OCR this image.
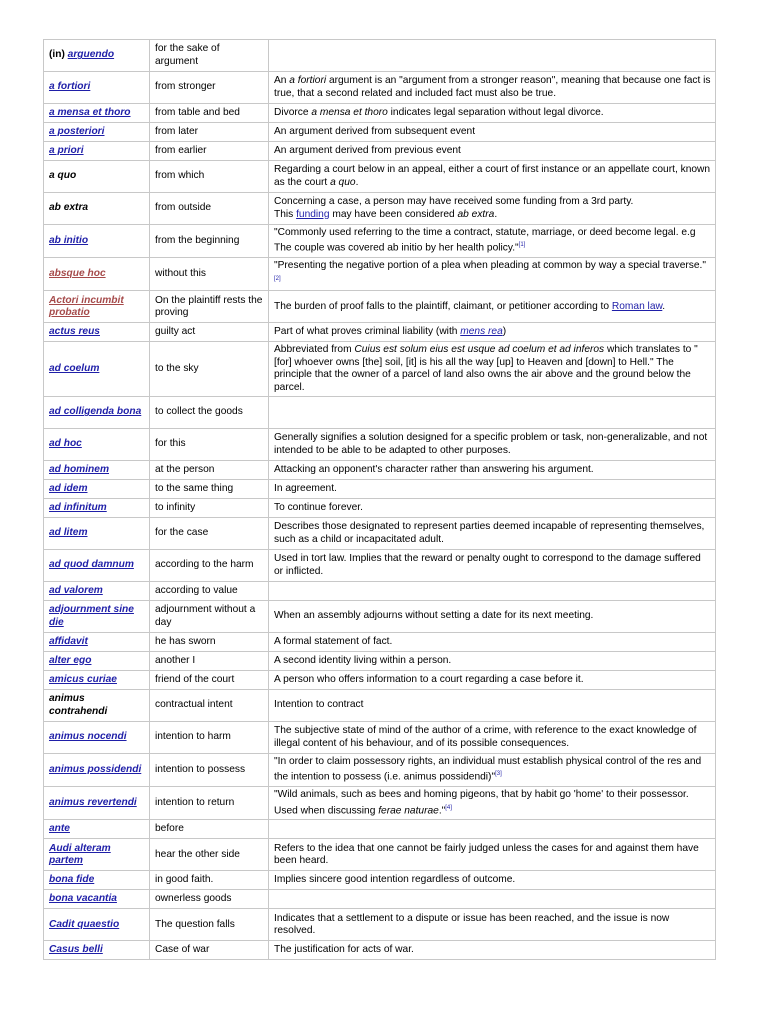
(in) arguendo	for the sake of argument	
a fortiori	from stronger	An a fortiori argument is an "argument from a stronger reason", meaning that because one fact is true, that a second related and included fact must also be true.
a mensa et thoro	from table and bed	Divorce a mensa et thoro indicates legal separation without legal divorce.
a posteriori	from later	An argument derived from subsequent event
a priori	from earlier	An argument derived from previous event
a quo	from which	Regarding a court below in an appeal, either a court of first instance or an appellate court, known as the court a quo.
ab extra	from outside	Concerning a case, a person may have received some funding from a 3rd party.
This funding may have been considered ab extra.
ab initio	from the beginning	"Commonly used referring to the time a contract, statute, marriage, or deed become legal. e.g The couple was covered ab initio by her health policy."[1]
absque hoc	without this	"Presenting the negative portion of a plea when pleading at common by way a special traverse."[2]
Actori incumbit probatio	On the plaintiff rests the proving	The burden of proof falls to the plaintiff, claimant, or petitioner according to Roman law.
actus reus	guilty act	Part of what proves criminal liability (with mens rea)
ad coelum	to the sky	Abbreviated from Cuius est solum eius est usque ad coelum et ad inferos which translates to "[for] whoever owns [the] soil, [it] is his all the way [up] to Heaven and [down] to Hell." The principle that the owner of a parcel of land also owns the air above and the ground below the parcel.
ad colligenda bona	to collect the goods	
ad hoc	for this	Generally signifies a solution designed for a specific problem or task, non-generalizable, and not intended to be able to be adapted to other purposes.
ad hominem	at the person	Attacking an opponent's character rather than answering his argument.
ad idem	to the same thing	In agreement.
ad infinitum	to infinity	To continue forever.
ad litem	for the case	Describes those designated to represent parties deemed incapable of representing themselves, such as a child or incapacitated adult.
ad quod damnum	according to the harm	Used in tort law. Implies that the reward or penalty ought to correspond to the damage suffered or inflicted.
ad valorem	according to value	
adjournment sine die	adjournment without a day	When an assembly adjourns without setting a date for its next meeting.
affidavit	he has sworn	A formal statement of fact.
alter ego	another I	A second identity living within a person.
amicus curiae	friend of the court	A person who offers information to a court regarding a case before it.
animus contrahendi	contractual intent	Intention to contract
animus nocendi	intention to harm	The subjective state of mind of the author of a crime, with reference to the exact knowledge of illegal content of his behaviour, and of its possible consequences.
animus possidendi	intention to possess	"In order to claim possessory rights, an individual must establish physical control of the res and the intention to possess (i.e. animus possidendi)"[3]
animus revertendi	intention to return	"Wild animals, such as bees and homing pigeons, that by habit go 'home' to their possessor. Used when discussing ferae naturae."[4]
ante	before	
Audi alteram partem	hear the other side	Refers to the idea that one cannot be fairly judged unless the cases for and against them have been heard.
bona fide	in good faith.	Implies sincere good intention regardless of outcome.
bona vacantia	ownerless goods	
Cadit quaestio	The question falls	Indicates that a settlement to a dispute or issue has been reached, and the issue is now resolved.
Casus belli	Case of war	The justification for acts of war.
